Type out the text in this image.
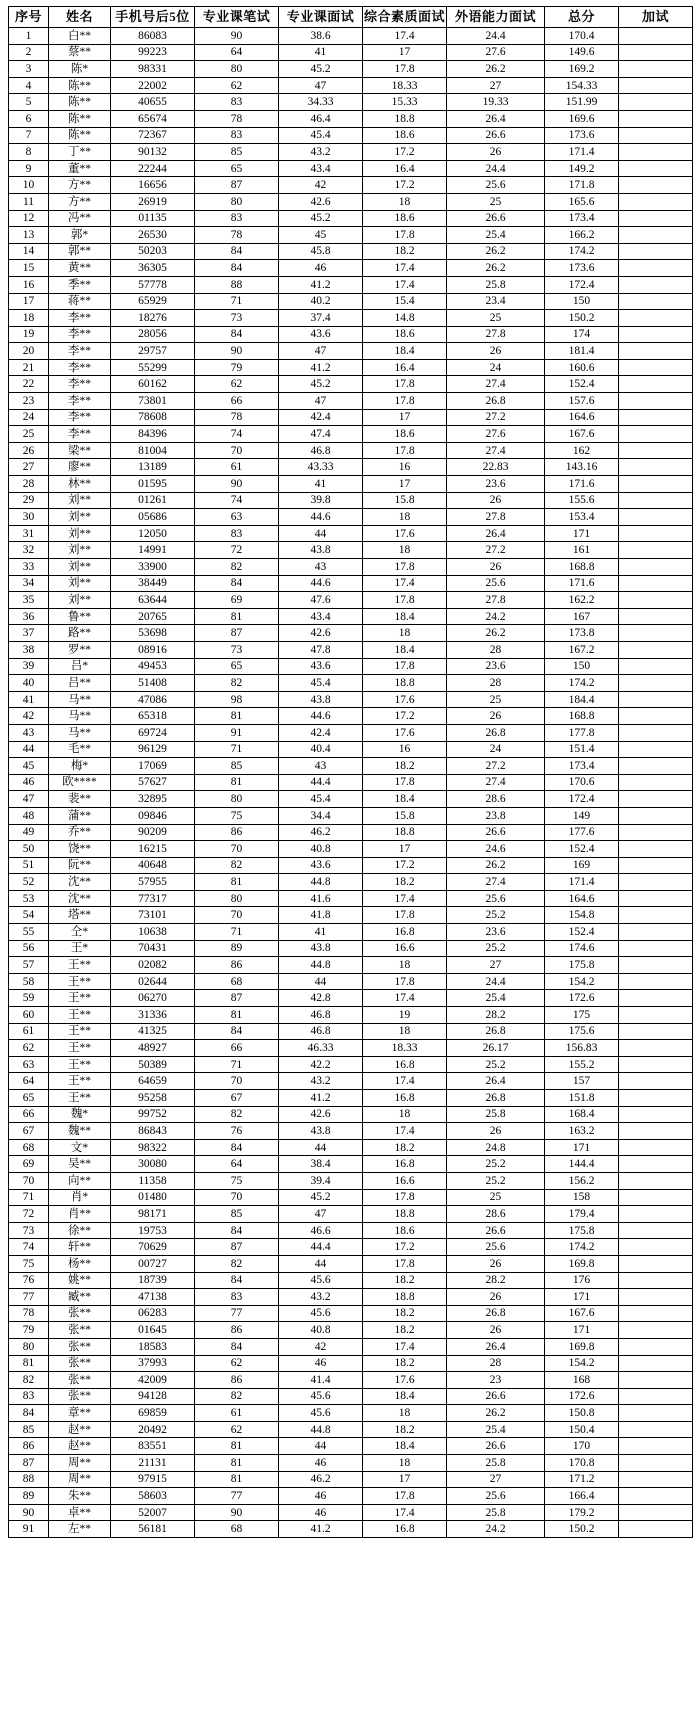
序号	姓名	手机号后5位	专业课笔试	专业课面试	综合素质面试	外语能力面试	总分	加试
1	白**	86083	90	38.6	17.4	24.4	170.4	
2	蔡**	99223	64	41	17	27.6	149.6	
3	陈*	98331	80	45.2	17.8	26.2	169.2	
4	陈**	22002	62	47	18.33	27	154.33	
5	陈**	40655	83	34.33	15.33	19.33	151.99	
6	陈**	65674	78	46.4	18.8	26.4	169.6	
7	陈**	72367	83	45.4	18.6	26.6	173.6	
8	丁**	90132	85	43.2	17.2	26	171.4	
9	董**	22244	65	43.4	16.4	24.4	149.2	
10	方**	16656	87	42	17.2	25.6	171.8	
11	方**	26919	80	42.6	18	25	165.6	
12	冯**	01135	83	45.2	18.6	26.6	173.4	
13	郭*	26530	78	45	17.8	25.4	166.2	
14	郭**	50203	84	45.8	18.2	26.2	174.2	
15	黄**	36305	84	46	17.4	26.2	173.6	
16	季**	57778	88	41.2	17.4	25.8	172.4	
17	蒋**	65929	71	40.2	15.4	23.4	150	
18	李**	18276	73	37.4	14.8	25	150.2	
19	李**	28056	84	43.6	18.6	27.8	174	
20	李**	29757	90	47	18.4	26	181.4	
21	李**	55299	79	41.2	16.4	24	160.6	
22	李**	60162	62	45.2	17.8	27.4	152.4	
23	李**	73801	66	47	17.8	26.8	157.6	
24	李**	78608	78	42.4	17	27.2	164.6	
25	李**	84396	74	47.4	18.6	27.6	167.6	
26	梁**	81004	70	46.8	17.8	27.4	162	
27	廖**	13189	61	43.33	16	22.83	143.16	
28	林**	01595	90	41	17	23.6	171.6	
29	刘**	01261	74	39.8	15.8	26	155.6	
30	刘**	05686	63	44.6	18	27.8	153.4	
31	刘**	12050	83	44	17.6	26.4	171	
32	刘**	14991	72	43.8	18	27.2	161	
33	刘**	33900	82	43	17.8	26	168.8	
34	刘**	38449	84	44.6	17.4	25.6	171.6	
35	刘**	63644	69	47.6	17.8	27.8	162.2	
36	鲁**	20765	81	43.4	18.4	24.2	167	
37	路**	53698	87	42.6	18	26.2	173.8	
38	罗**	08916	73	47.8	18.4	28	167.2	
39	吕*	49453	65	43.6	17.8	23.6	150	
40	吕**	51408	82	45.4	18.8	28	174.2	
41	马**	47086	98	43.8	17.6	25	184.4	
42	马**	65318	81	44.6	17.2	26	168.8	
43	马**	69724	91	42.4	17.6	26.8	177.8	
44	毛**	96129	71	40.4	16	24	151.4	
45	梅*	17069	85	43	18.2	27.2	173.4	
46	欧****	57627	81	44.4	17.8	27.4	170.6	
47	裴**	32895	80	45.4	18.4	28.6	172.4	
48	蒲**	09846	75	34.4	15.8	23.8	149	
49	乔**	90209	86	46.2	18.8	26.6	177.6	
50	饶**	16215	70	40.8	17	24.6	152.4	
51	阮**	40648	82	43.6	17.2	26.2	169	
52	沈**	57955	81	44.8	18.2	27.4	171.4	
53	沈**	77317	80	41.6	17.4	25.6	164.6	
54	塔**	73101	70	41.8	17.8	25.2	154.8	
55	仝*	10638	71	41	16.8	23.6	152.4	
56	王*	70431	89	43.8	16.6	25.2	174.6	
57	王**	02082	86	44.8	18	27	175.8	
58	王**	02644	68	44	17.8	24.4	154.2	
59	王**	06270	87	42.8	17.4	25.4	172.6	
60	王**	31336	81	46.8	19	28.2	175	
61	王**	41325	84	46.8	18	26.8	175.6	
62	王**	48927	66	46.33	18.33	26.17	156.83	
63	王**	50389	71	42.2	16.8	25.2	155.2	
64	王**	64659	70	43.2	17.4	26.4	157	
65	王**	95258	67	41.2	16.8	26.8	151.8	
66	魏*	99752	82	42.6	18	25.8	168.4	
67	魏**	86843	76	43.8	17.4	26	163.2	
68	文*	98322	84	44	18.2	24.8	171	
69	吴**	30080	64	38.4	16.8	25.2	144.4	
70	向**	11358	75	39.4	16.6	25.2	156.2	
71	肖*	01480	70	45.2	17.8	25	158	
72	肖**	98171	85	47	18.8	28.6	179.4	
73	徐**	19753	84	46.6	18.6	26.6	175.8	
74	轩**	70629	87	44.4	17.2	25.6	174.2	
75	杨**	00727	82	44	17.8	26	169.8	
76	姚**	18739	84	45.6	18.2	28.2	176	
77	臧**	47138	83	43.2	18.8	26	171	
78	张**	06283	77	45.6	18.2	26.8	167.6	
79	张**	01645	86	40.8	18.2	26	171	
80	张**	18583	84	42	17.4	26.4	169.8	
81	张**	37993	62	46	18.2	28	154.2	
82	张**	42009	86	41.4	17.6	23	168	
83	张**	94128	82	45.6	18.4	26.6	172.6	
84	章**	69859	61	45.6	18	26.2	150.8	
85	赵**	20492	62	44.8	18.2	25.4	150.4	
86	赵**	83551	81	44	18.4	26.6	170	
87	周**	21131	81	46	18	25.8	170.8	
88	周**	97915	81	46.2	17	27	171.2	
89	朱**	58603	77	46	17.8	25.6	166.4	
90	卓**	52007	90	46	17.4	25.8	179.2	
91	左**	56181	68	41.2	16.8	24.2	150.2	
